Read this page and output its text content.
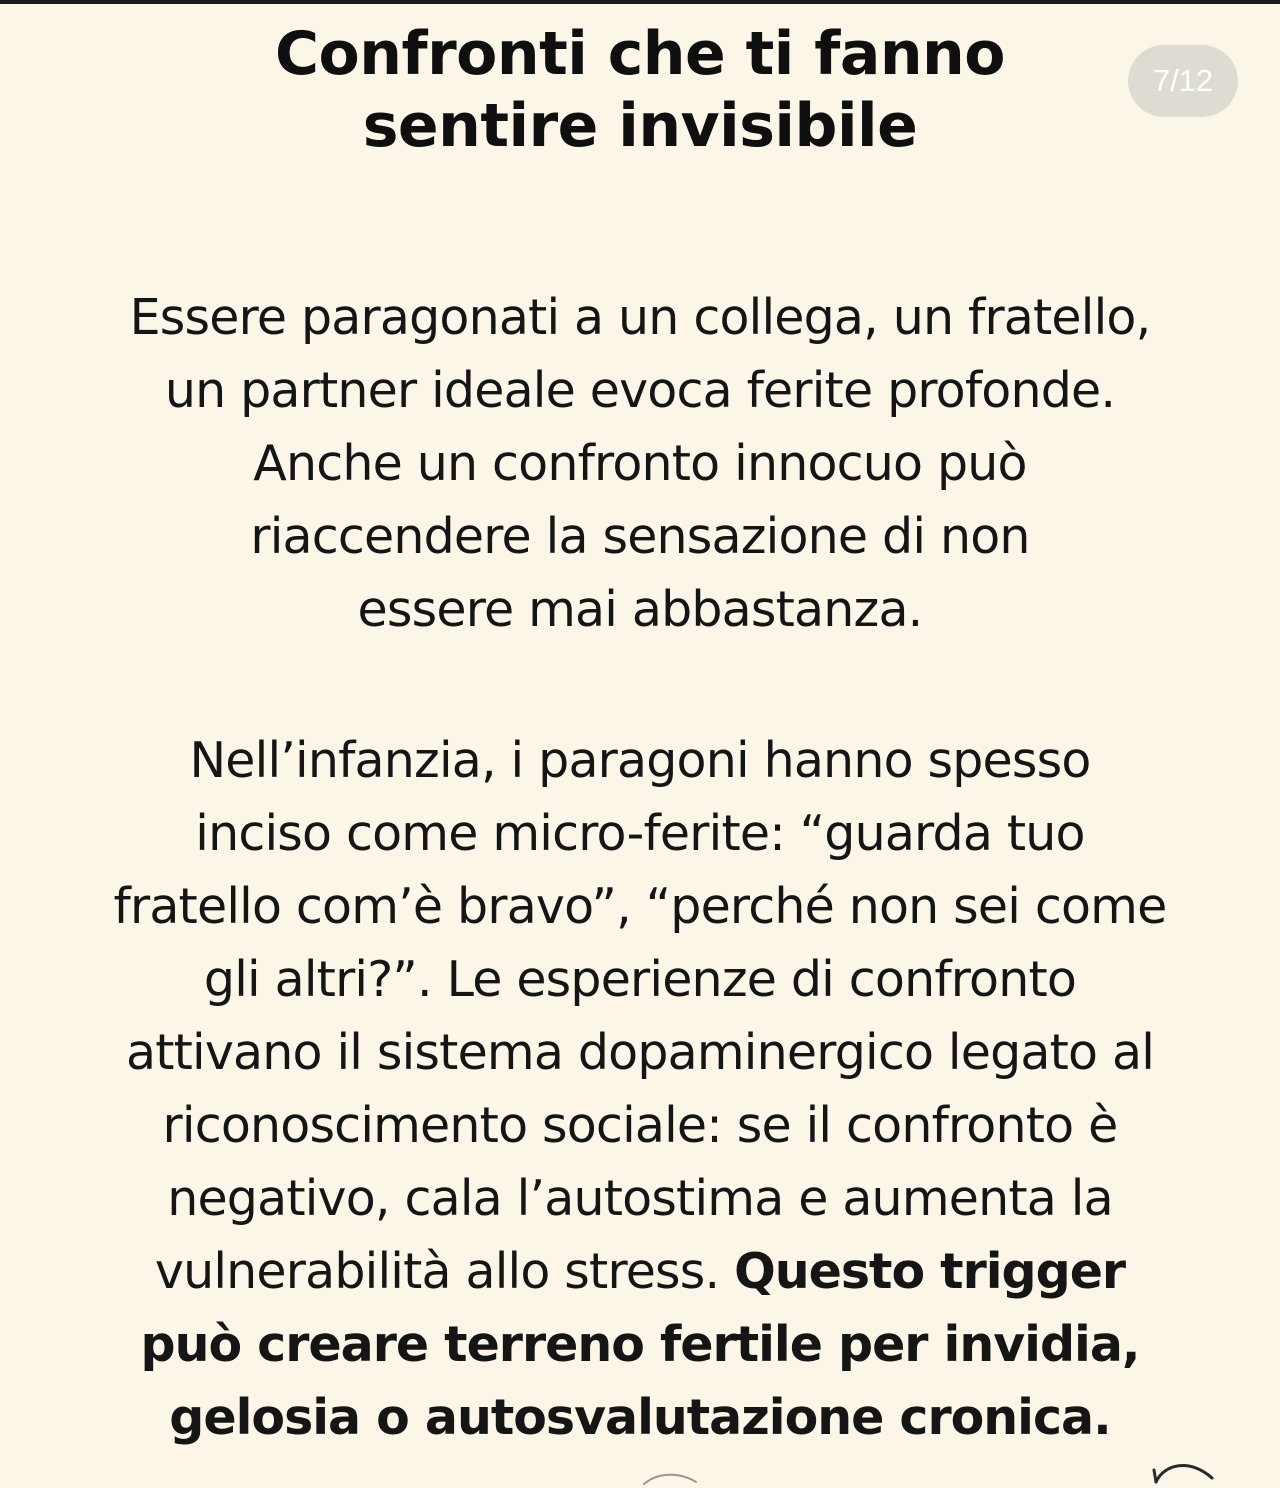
Confronti che ti fanno
sentire invisibile
7/12

Essere paragonati a un collega, un fratello,
un partner ideale evoca ferite profonde.
Anche un confronto innocuo può
riaccendere la sensazione di non
essere mai abbastanza.

Nell’infanzia, i paragoni hanno spesso
inciso come micro-ferite: “guarda tuo
fratello com’è bravo”, “perché non sei come
gli altri?”. Le esperienze di confronto
attivano il sistema dopaminergico legato al
riconoscimento sociale: se il confronto è
negativo, cala l’autostima e aumenta la
vulnerabilità allo stress. Questo trigger
può creare terreno fertile per invidia,
gelosia o autosvalutazione cronica.
